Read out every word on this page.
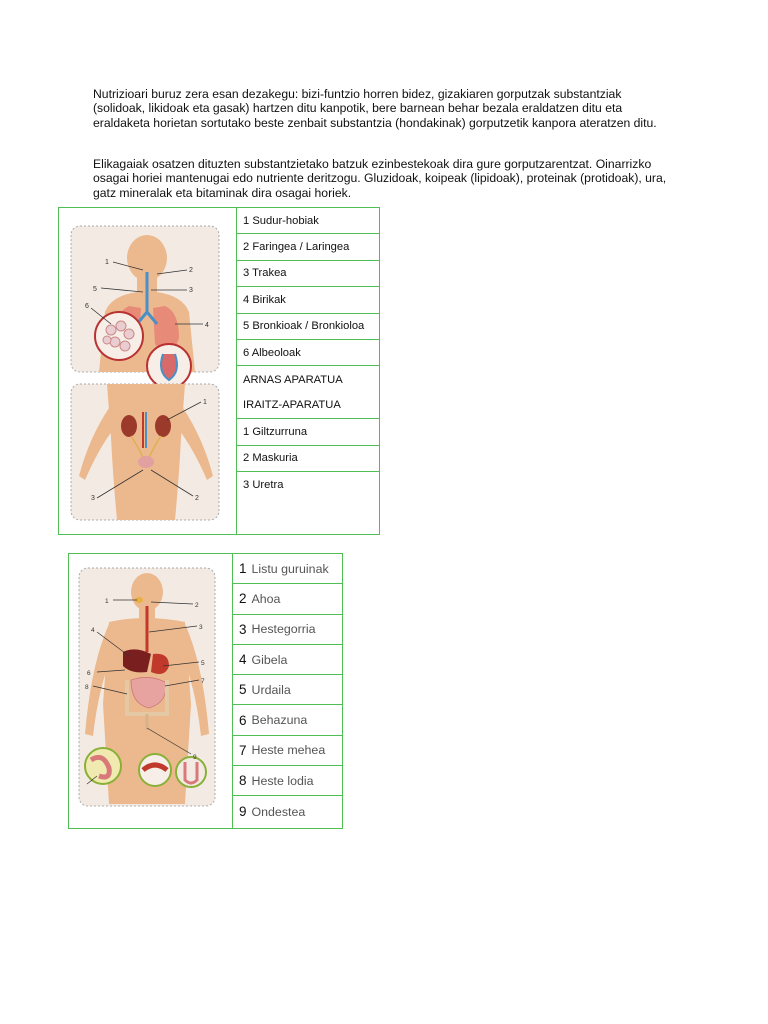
Nutrizioari buruz zera esan dezakegu: bizi-funtzio horren bidez, gizakiaren gorputzak substantziak (solidoak, likidoak eta gasak) hartzen ditu kanpotik, bere barnean behar bezala eraldatzen ditu eta eraldaketa horietan sortutako beste zenbait substantzia (hondakinak) gorputzetik kanpora ateratzen ditu.

Elikagaiak osatzen dituzten substantzietako batzuk ezinbestekoak dira gure gorputzarentzat. Oinarrizko osagai horiei mantenugai edo nutriente deritzogu. Gluzidoak, koipeak (lipidoak), proteinak (protidoak), ura, gatz mineralak eta bitaminak dira osagai horiek.

1
2
5	3
6
4
1
3	2
1 Sudur-hobiak
2 Faringea / Laringea
3 Trakea
4 Birikak
5 Bronkioak / Bronkioloa
6 Albeoloak
ARNAS APARATUA
IRAITZ-APARATUA
1 Giltzurruna
2 Maskuria
3 Uretra
1
2
3
4
5
6
7
8
9
1 Listu guruinak
2 Ahoa
3 Hestegorria
4 Gibela
5 Urdaila
6 Behazuna
7 Heste mehea
8 Heste lodia
9 Ondestea
